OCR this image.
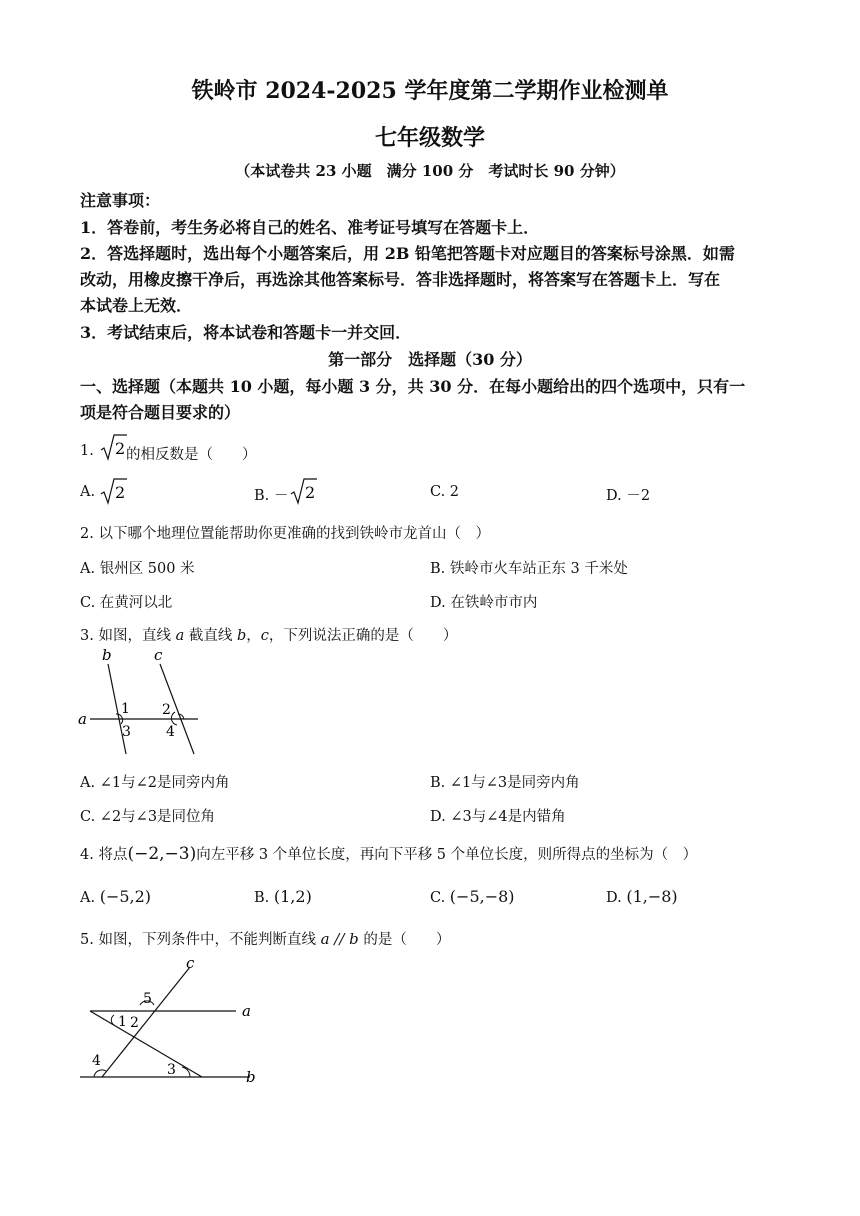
铁岭市 2024-2025 学年度第二学期作业检测单
七年级数学
（本试卷共 23 小题　满分 100 分　考试时长 90 分钟）
注意事项：
1．答卷前，考生务必将自己的姓名、准考证号填写在答题卡上．
2．答选择题时，选出每个小题答案后，用 2B 铅笔把答题卡对应题目的答案标号涂黑．如需
改动，用橡皮擦干净后，再选涂其他答案标号．答非选择题时，将答案写在答题卡上．写在
本试卷上无效．
3．考试结束后，将本试卷和答题卡一并交回．
第一部分　选择题（30 分）
一、选择题（本题共 10 小题，每小题 3 分，共 30 分．在每小题给出的四个选项中，只有一
项是符合题目要求的）
1. 2 的相反数是（　　）
A. 2	B. － 2	C. 2	D. －2
2. 以下哪个地理位置能帮助你更准确的找到铁岭市龙首山（　）
A. 银州区 500 米	B. 铁岭市火车站正东 3 千米处
C. 在黄河以北	D. 在铁岭市市内
3. 如图，直线 a 截直线 b，c，下列说法正确的是（　　）
b	c
a
1 2
3	4
A. ∠1与∠2是同旁内角	B. ∠1与∠3是同旁内角
C. ∠2与∠3是同位角	D. ∠3与∠4是内错角
4. 将点(−2,−3)向左平移 3 个单位长度，再向下平移 5 个单位长度，则所得点的坐标为（　）
A. (−5,2)	B. (1,2)	C. (−5,−8)	D. (1,−8)
5. 如图，下列条件中，不能判断直线 a // b 的是（　　）
c
a
b
5
1 2
4
3
